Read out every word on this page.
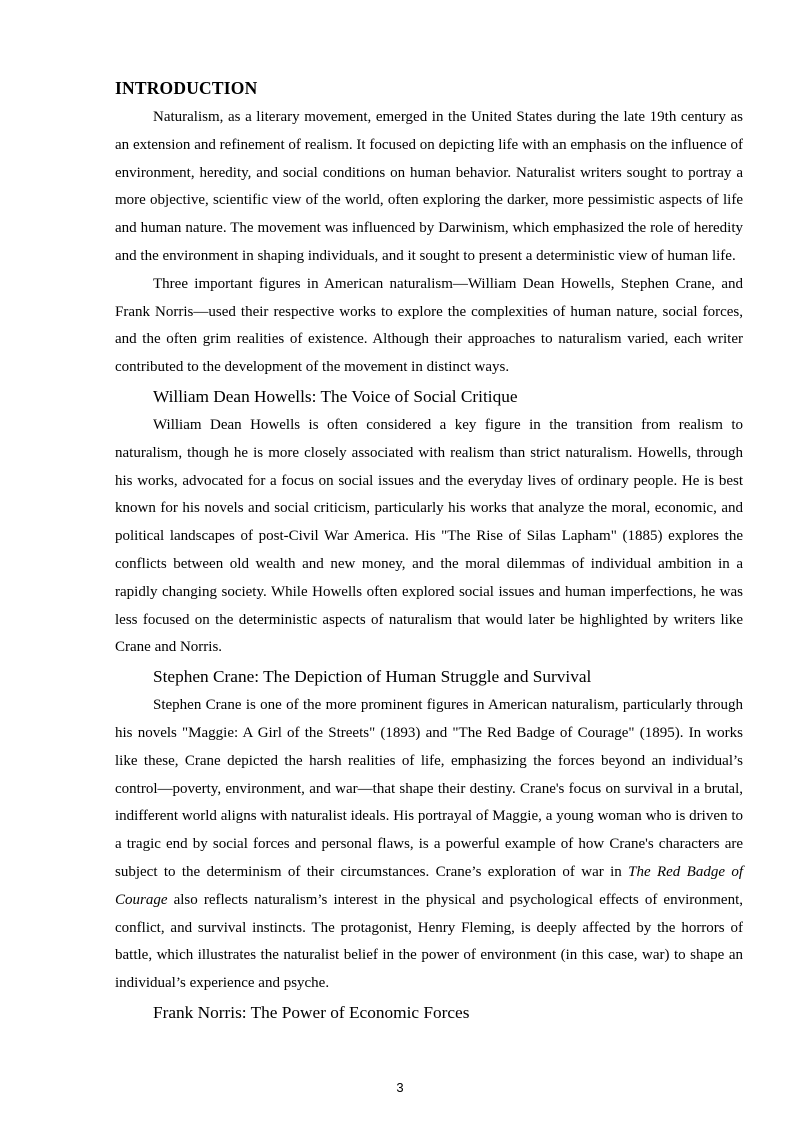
INTRODUCTION

Naturalism, as a literary movement, emerged in the United States during the late 19th century as an extension and refinement of realism. It focused on depicting life with an emphasis on the influence of environment, heredity, and social conditions on human behavior. Naturalist writers sought to portray a more objective, scientific view of the world, often exploring the darker, more pessimistic aspects of life and human nature. The movement was influenced by Darwinism, which emphasized the role of heredity and the environment in shaping individuals, and it sought to present a deterministic view of human life.

Three important figures in American naturalism—William Dean Howells, Stephen Crane, and Frank Norris—used their respective works to explore the complexities of human nature, social forces, and the often grim realities of existence. Although their approaches to naturalism varied, each writer contributed to the development of the movement in distinct ways.

William Dean Howells: The Voice of Social Critique

William Dean Howells is often considered a key figure in the transition from realism to naturalism, though he is more closely associated with realism than strict naturalism. Howells, through his works, advocated for a focus on social issues and the everyday lives of ordinary people. He is best known for his novels and social criticism, particularly his works that analyze the moral, economic, and political landscapes of post-Civil War America. His "The Rise of Silas Lapham" (1885) explores the conflicts between old wealth and new money, and the moral dilemmas of individual ambition in a rapidly changing society. While Howells often explored social issues and human imperfections, he was less focused on the deterministic aspects of naturalism that would later be highlighted by writers like Crane and Norris.

Stephen Crane: The Depiction of Human Struggle and Survival

Stephen Crane is one of the more prominent figures in American naturalism, particularly through his novels "Maggie: A Girl of the Streets" (1893) and "The Red Badge of Courage" (1895). In works like these, Crane depicted the harsh realities of life, emphasizing the forces beyond an individual’s control—poverty, environment, and war—that shape their destiny. Crane's focus on survival in a brutal, indifferent world aligns with naturalist ideals. His portrayal of Maggie, a young woman who is driven to a tragic end by social forces and personal flaws, is a powerful example of how Crane's characters are subject to the determinism of their circumstances. Crane’s exploration of war in The Red Badge of Courage also reflects naturalism’s interest in the physical and psychological effects of environment, conflict, and survival instincts. The protagonist, Henry Fleming, is deeply affected by the horrors of battle, which illustrates the naturalist belief in the power of environment (in this case, war) to shape an individual’s experience and psyche.

Frank Norris: The Power of Economic Forces
3
